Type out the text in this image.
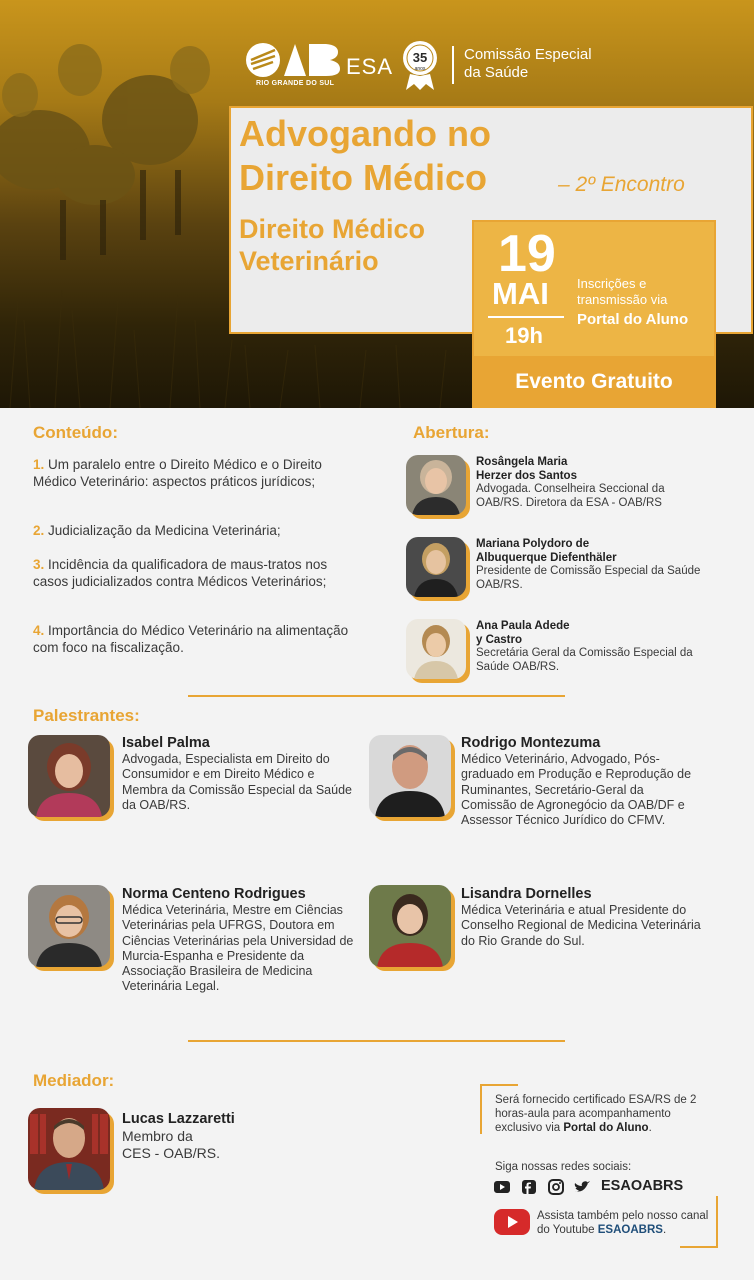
RIO GRANDE DO SUL
ESA 35
anos
Comissão Especial
da Saúde
Advogando no
Direito Médico	– 2º Encontro
Direito Médico
Veterinário	19
MAI
19h
Inscrições e
transmissão via
Portal do Aluno
Evento Gratuito
Conteúdo:
1. Um paralelo entre o Direito Médico e o Direito Médico Veterinário: aspectos práticos jurídicos;
2. Judicialização da Medicina Veterinária;
3. Incidência da qualificadora de maus-tratos nos casos judicializados contra Médicos Veterinários;
4. Importância do Médico Veterinário na alimentação com foco na fiscalização.
Abertura:
Rosângela Maria
Herzer dos Santos
Advogada. Conselheira Seccional da OAB/RS. Diretora da ESA - OAB/RS
Mariana Polydoro de
Albuquerque Diefenthäler
Presidente de Comissão Especial da Saúde OAB/RS.
Ana Paula Adede
y Castro
Secretária Geral da Comissão Especial da Saúde OAB/RS.
Palestrantes:
Isabel Palma
Advogada, Especialista em Direito do Consumidor e em Direito Médico e Membra da Comissão Especial da Saúde da OAB/RS.
Rodrigo Montezuma
Médico Veterinário, Advogado, Pós-graduado em Produção e Reprodução de Ruminantes, Secretário-Geral da Comissão de Agronegócio da OAB/DF e Assessor Técnico Jurídico do CFMV.
Norma Centeno Rodrigues
Médica Veterinária, Mestre em Ciências Veterinárias pela UFRGS, Doutora em Ciências Veterinárias pela Universidad de Murcia-Espanha e Presidente da Associação Brasileira de Medicina Veterinária Legal.
Lisandra Dornelles
Médica Veterinária e atual Presidente do Conselho Regional de Medicina Veterinária do Rio Grande do Sul.
Mediador:
Lucas Lazzaretti
Membro da
CES - OAB/RS.
Será fornecido certificado ESA/RS de 2 horas-aula para acompanhamento exclusivo via Portal do Aluno.
Siga nossas redes sociais:
ESAOABRS
Assista também pelo nosso canal do Youtube ESAOABRS.
